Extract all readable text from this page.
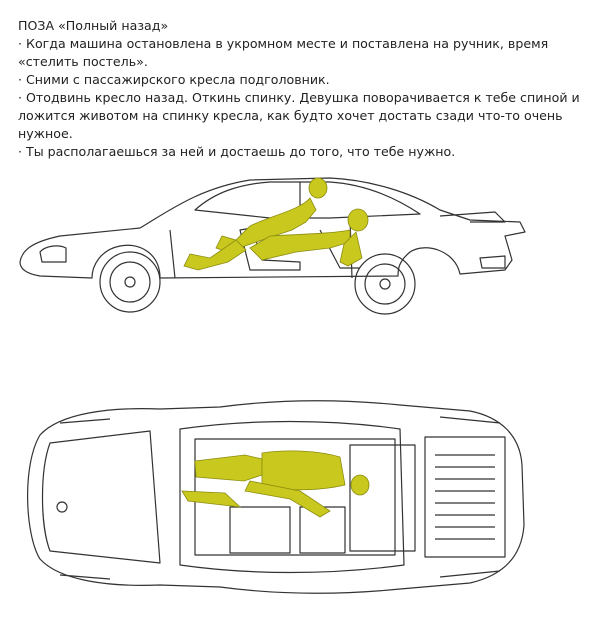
ПОЗА «Полный назад»

· Когда машина остановлена в укромном месте и поставлена на ручник, время «стелить постель».

· Сними с пассажирского кресла подголовник.

· Отодвинь кресло назад. Откинь спинку. Девушка поворачивается к тебе спиной и ложится животом на спинку кресла, как будто хочет достать сзади что-то очень нужное.

· Ты располагаешься за ней и достаешь до того, что тебе нужно.
